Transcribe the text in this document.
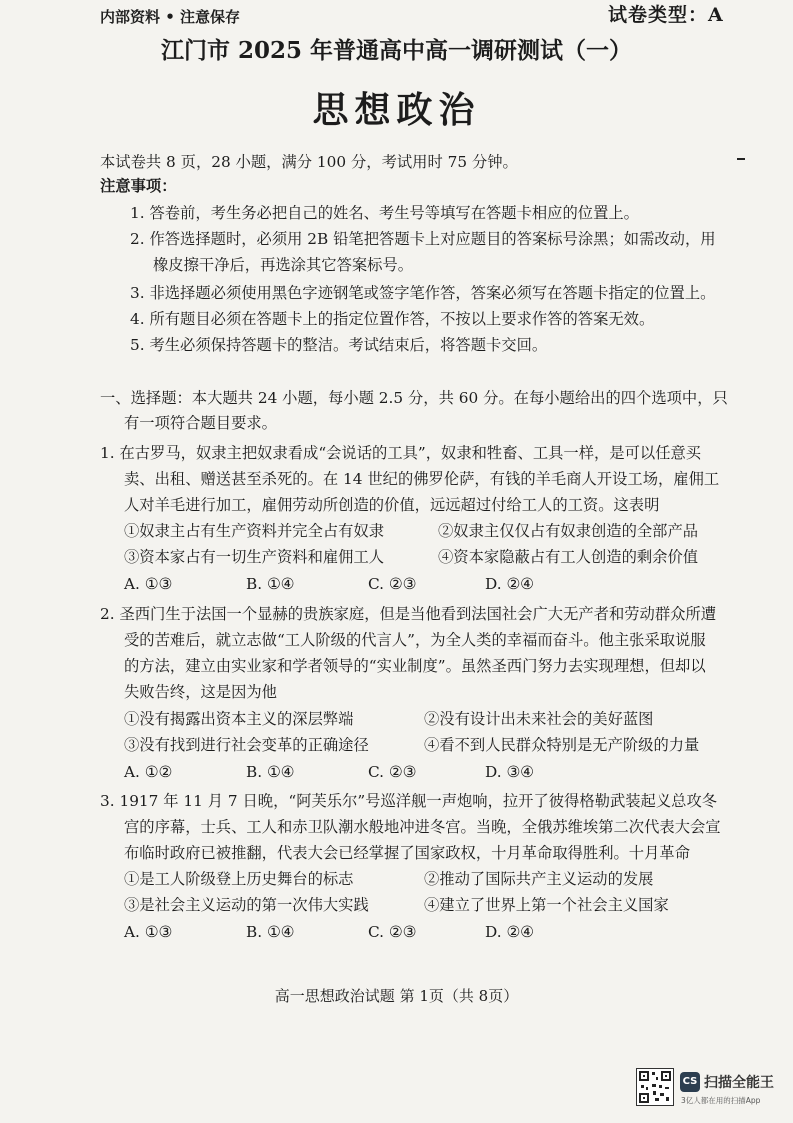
内部资料 • 注意保存	试卷类型：A
江门市 2025 年普通高中高一调研测试（一）
思想政治
本试卷共 8 页，28 小题，满分 100 分，考试用时 75 分钟。
注意事项：
1. 答卷前，考生务必把自己的姓名、考生号等填写在答题卡相应的位置上。
2. 作答选择题时，必须用 2B 铅笔把答题卡上对应题目的答案标号涂黑；如需改动，用
橡皮擦干净后，再选涂其它答案标号。
3. 非选择题必须使用黑色字迹钢笔或签字笔作答，答案必须写在答题卡指定的位置上。
4. 所有题目必须在答题卡上的指定位置作答，不按以上要求作答的答案无效。
5. 考生必须保持答题卡的整洁。考试结束后，将答题卡交回。
一、选择题：本大题共 24 小题，每小题 2.5 分，共 60 分。在每小题给出的四个选项中，只
有一项符合题目要求。
1. 在古罗马，奴隶主把奴隶看成“会说话的工具”，奴隶和牲畜、工具一样，是可以任意买
卖、出租、赠送甚至杀死的。在 14 世纪的佛罗伦萨，有钱的羊毛商人开设工场，雇佣工
人对羊毛进行加工，雇佣劳动所创造的价值，远远超过付给工人的工资。这表明
①奴隶主占有生产资料并完全占有奴隶	②奴隶主仅仅占有奴隶创造的全部产品
③资本家占有一切生产资料和雇佣工人	④资本家隐蔽占有工人创造的剩余价值
A. ①③	B. ①④	C. ②③	D. ②④
2. 圣西门生于法国一个显赫的贵族家庭，但是当他看到法国社会广大无产者和劳动群众所遭
受的苦难后，就立志做“工人阶级的代言人”，为全人类的幸福而奋斗。他主张采取说服
的方法，建立由实业家和学者领导的“实业制度”。虽然圣西门努力去实现理想，但却以
失败告终，这是因为他
①没有揭露出资本主义的深层弊端	②没有设计出未来社会的美好蓝图
③没有找到进行社会变革的正确途径	④看不到人民群众特别是无产阶级的力量
A. ①②	B. ①④	C. ②③	D. ③④
3. 1917 年 11 月 7 日晚，“阿芙乐尔”号巡洋舰一声炮响，拉开了彼得格勒武装起义总攻冬
宫的序幕，士兵、工人和赤卫队潮水般地冲进冬宫。当晚，全俄苏维埃第二次代表大会宣
布临时政府已被推翻，代表大会已经掌握了国家政权，十月革命取得胜利。十月革命
①是工人阶级登上历史舞台的标志	②推动了国际共产主义运动的发展
③是社会主义运动的第一次伟大实践	④建立了世界上第一个社会主义国家
A. ①③	B. ①④	C. ②③	D. ②④
高一思想政治试题 第 1页（共 8页）
CS 扫描全能王
3亿人都在用的扫描App
